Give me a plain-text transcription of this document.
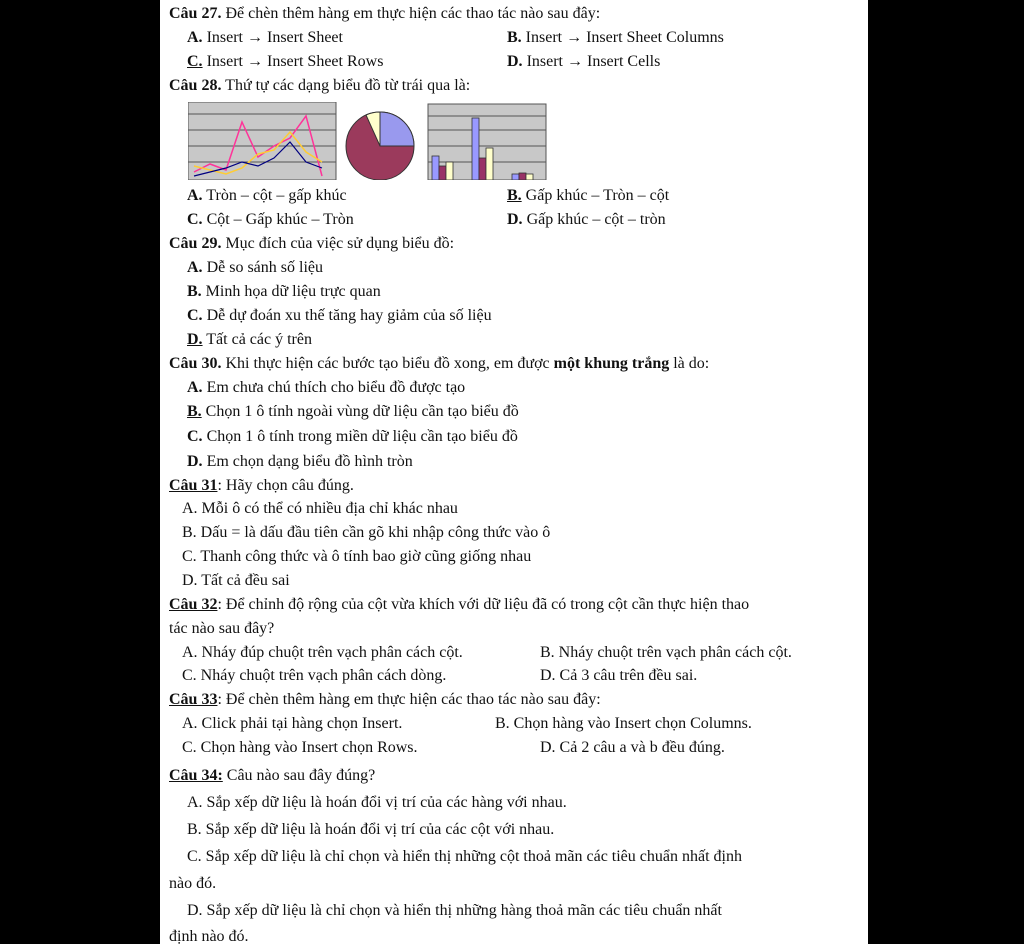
Câu 27. Để chèn thêm hàng em thực hiện các thao tác nào sau đây:
A. Insert → Insert Sheet	B. Insert → Insert Sheet Columns
C. Insert → Insert Sheet Rows	D. Insert → Insert Cells
Câu 28. Thứ tự các dạng biểu đồ từ trái qua là:
A. Tròn – cột – gấp khúc	B. Gấp khúc – Tròn – cột
C. Cột – Gấp khúc – Tròn	D. Gấp khúc – cột – tròn
Câu 29. Mục đích của việc sử dụng biểu đồ:
A. Dễ so sánh số liệu
B. Minh họa dữ liệu trực quan
C. Dễ dự đoán xu thế tăng hay giảm của số liệu
D. Tất cả các ý trên
Câu 30. Khi thực hiện các bước tạo biểu đồ xong, em được một khung trắng là do:
A. Em chưa chú thích cho biểu đồ được tạo
B. Chọn 1 ô tính ngoài vùng dữ liệu cần tạo biểu đồ
C. Chọn 1 ô tính trong miền dữ liệu cần tạo biểu đồ
D. Em chọn dạng biểu đồ hình tròn
Câu 31: Hãy chọn câu đúng.
A. Mỗi ô có thể có nhiều địa chỉ khác nhau
B. Dấu = là dấu đầu tiên cần gõ khi nhập công thức vào ô
C. Thanh công thức và ô tính bao giờ cũng giống nhau
D. Tất cả đều sai
Câu 32: Để chỉnh độ rộng của cột vừa khích với dữ liệu đã có trong cột cần thực hiện thao
tác nào sau đây?
A. Nháy đúp chuột trên vạch phân cách cột.	B. Nháy chuột trên vạch phân cách cột.
C. Nháy chuột trên vạch phân cách dòng.	D. Cả 3 câu trên đều sai.
Câu 33: Để chèn thêm hàng em thực hiện các thao tác nào sau đây:
A. Click phải tại hàng chọn Insert.	B. Chọn hàng vào Insert chọn Columns.
C. Chọn hàng vào Insert chọn Rows.	D. Cả 2 câu a và b đều đúng.
Câu 34: Câu nào sau đây đúng?
A. Sắp xếp dữ liệu là hoán đổi vị trí của các hàng với nhau.
B. Sắp xếp dữ liệu là hoán đổi vị trí của các cột với nhau.
C. Sắp xếp dữ liệu là chỉ chọn và hiển thị những cột thoả mãn các tiêu chuẩn nhất định
nào đó.
D. Sắp xếp dữ liệu là chỉ chọn và hiển thị những hàng thoả mãn các tiêu chuẩn nhất
định nào đó.
